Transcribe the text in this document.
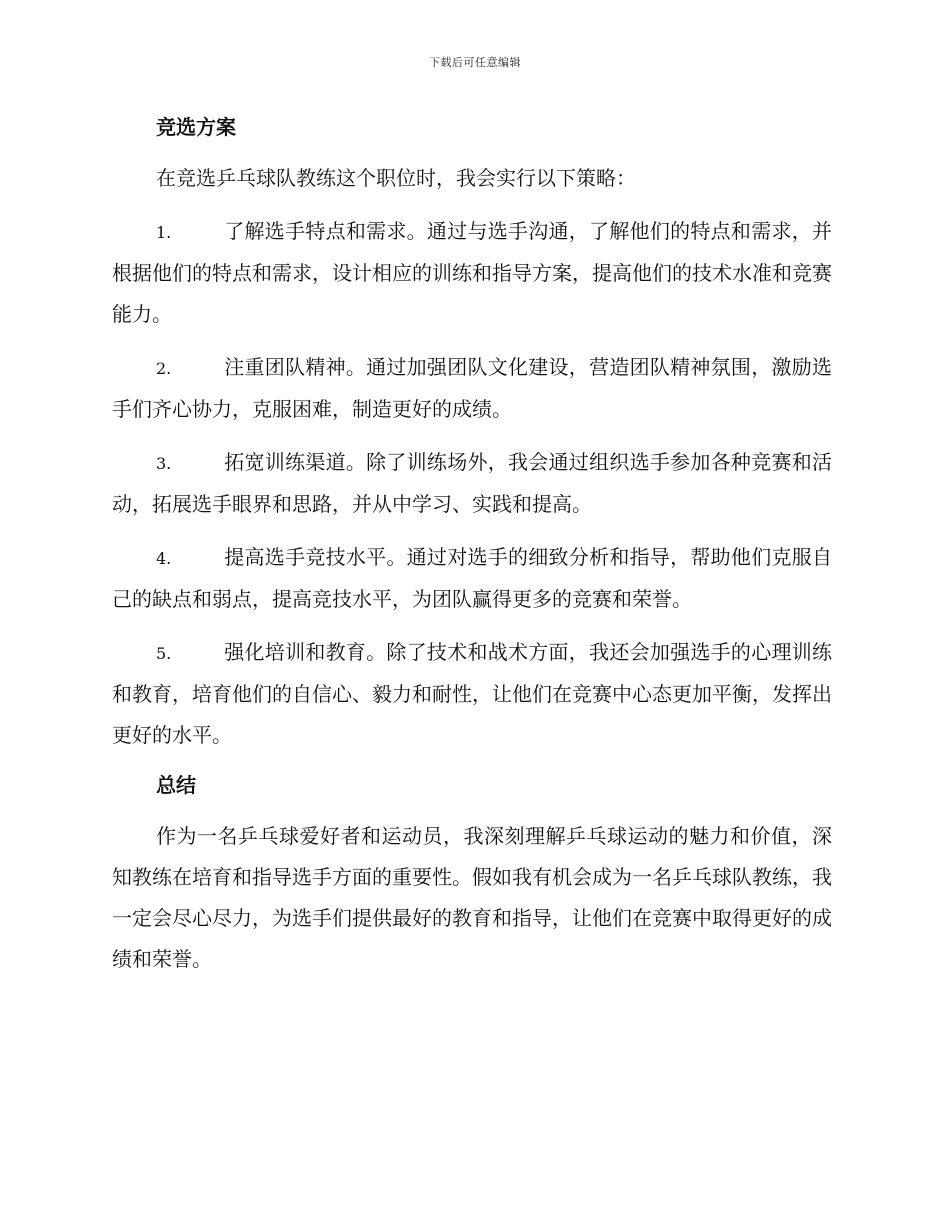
下载后可任意编辑
竞选方案

在竞选乒乓球队教练这个职位时，我会实行以下策略：

1.	了解选手特点和需求。通过与选手沟通，了解他们的特点和需求，并根据他们的特点和需求，设计相应的训练和指导方案，提高他们的技术水准和竞赛能力。
2.	注重团队精神。通过加强团队文化建设，营造团队精神氛围，激励选手们齐心协力，克服困难，制造更好的成绩。
3.	拓宽训练渠道。除了训练场外，我会通过组织选手参加各种竞赛和活动，拓展选手眼界和思路，并从中学习、实践和提高。
4.	提高选手竞技水平。通过对选手的细致分析和指导，帮助他们克服自己的缺点和弱点，提高竞技水平，为团队赢得更多的竞赛和荣誉。
5.	强化培训和教育。除了技术和战术方面，我还会加强选手的心理训练和教育，培育他们的自信心、毅力和耐性，让他们在竞赛中心态更加平衡，发挥出更好的水平。
总结

作为一名乒乓球爱好者和运动员，我深刻理解乒乓球运动的魅力和价值，深知教练在培育和指导选手方面的重要性。假如我有机会成为一名乒乓球队教练，我一定会尽心尽力，为选手们提供最好的教育和指导，让他们在竞赛中取得更好的成绩和荣誉。
